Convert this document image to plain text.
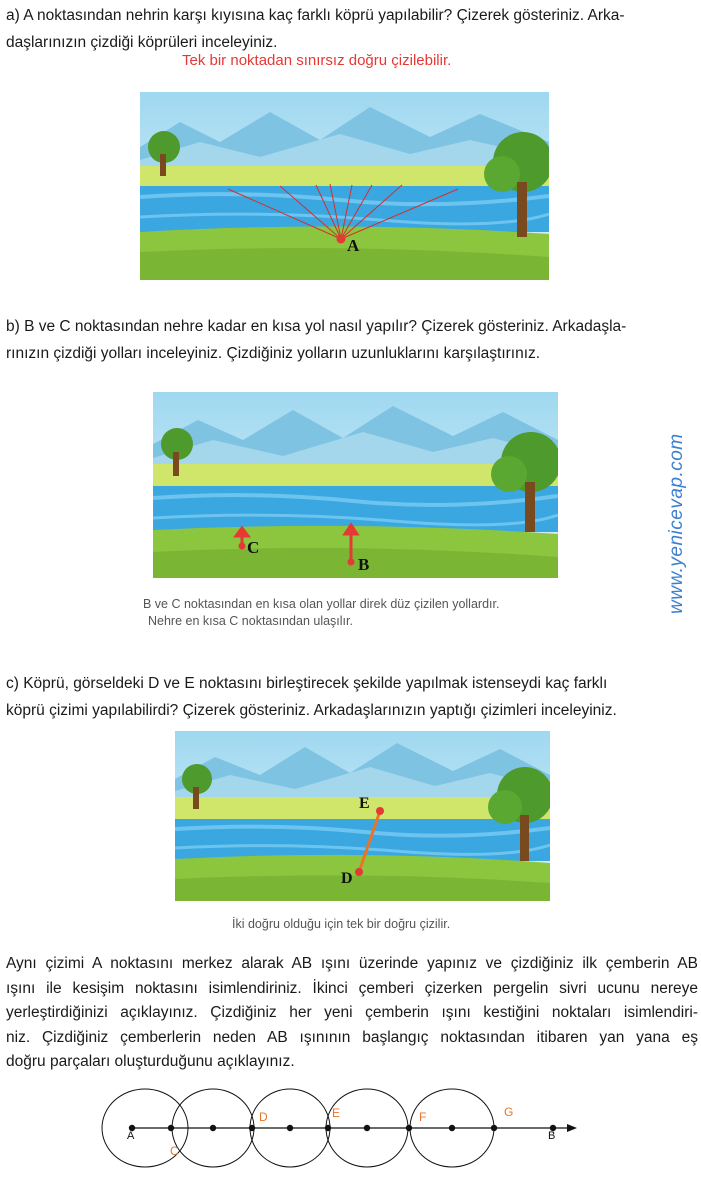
a) A noktasından nehrin karşı kıyısına kaç farklı köprü yapılabilir? Çizerek gösteriniz. Arka-
daşlarınızın çizdiği köprüleri inceleyiniz.

Tek bir noktadan sınırsız doğru çizilebilir.
A

b) B ve C noktasından nehre kadar en kısa yol nasıl yapılır? Çizerek gösteriniz. Arkadaşla-
rınızın çizdiği yolları inceleyiniz. Çizdiğiniz yolların uzunluklarını karşılaştırınız.

C
B
B ve C noktasından en kısa olan yollar direk düz çizilen yollardır.
Nehre en kısa C noktasından ulaşılır.
www.yenicevap.com

c) Köprü, görseldeki D ve E noktasını birleştirecek şekilde yapılmak istenseydi kaç farklı
köprü çizimi yapılabilirdi? Çizerek gösteriniz. Arkadaşlarınızın yaptığı çizimleri inceleyiniz.

E
D
İki doğru olduğu için tek bir doğru çizilir.
Aynı çizimi A noktasını merkez alarak AB ışını üzerinde yapınız ve çizdiğiniz ilk çemberin AB
ışını ile kesişim noktasını isimlendiriniz. İkinci çemberi çizerken pergelin sivri ucunu nereye
yerleştirdiğinizi açıklayınız. Çizdiğiniz her yeni çemberin ışını kestiğini noktaları isimlendiri-
niz. Çizdiğiniz çemberlerin neden AB ışınının başlangıç noktasından itibaren yan yana eş
doğru parçaları oluşturduğunu açıklayınız.
A	B
C
D	E	F	G
